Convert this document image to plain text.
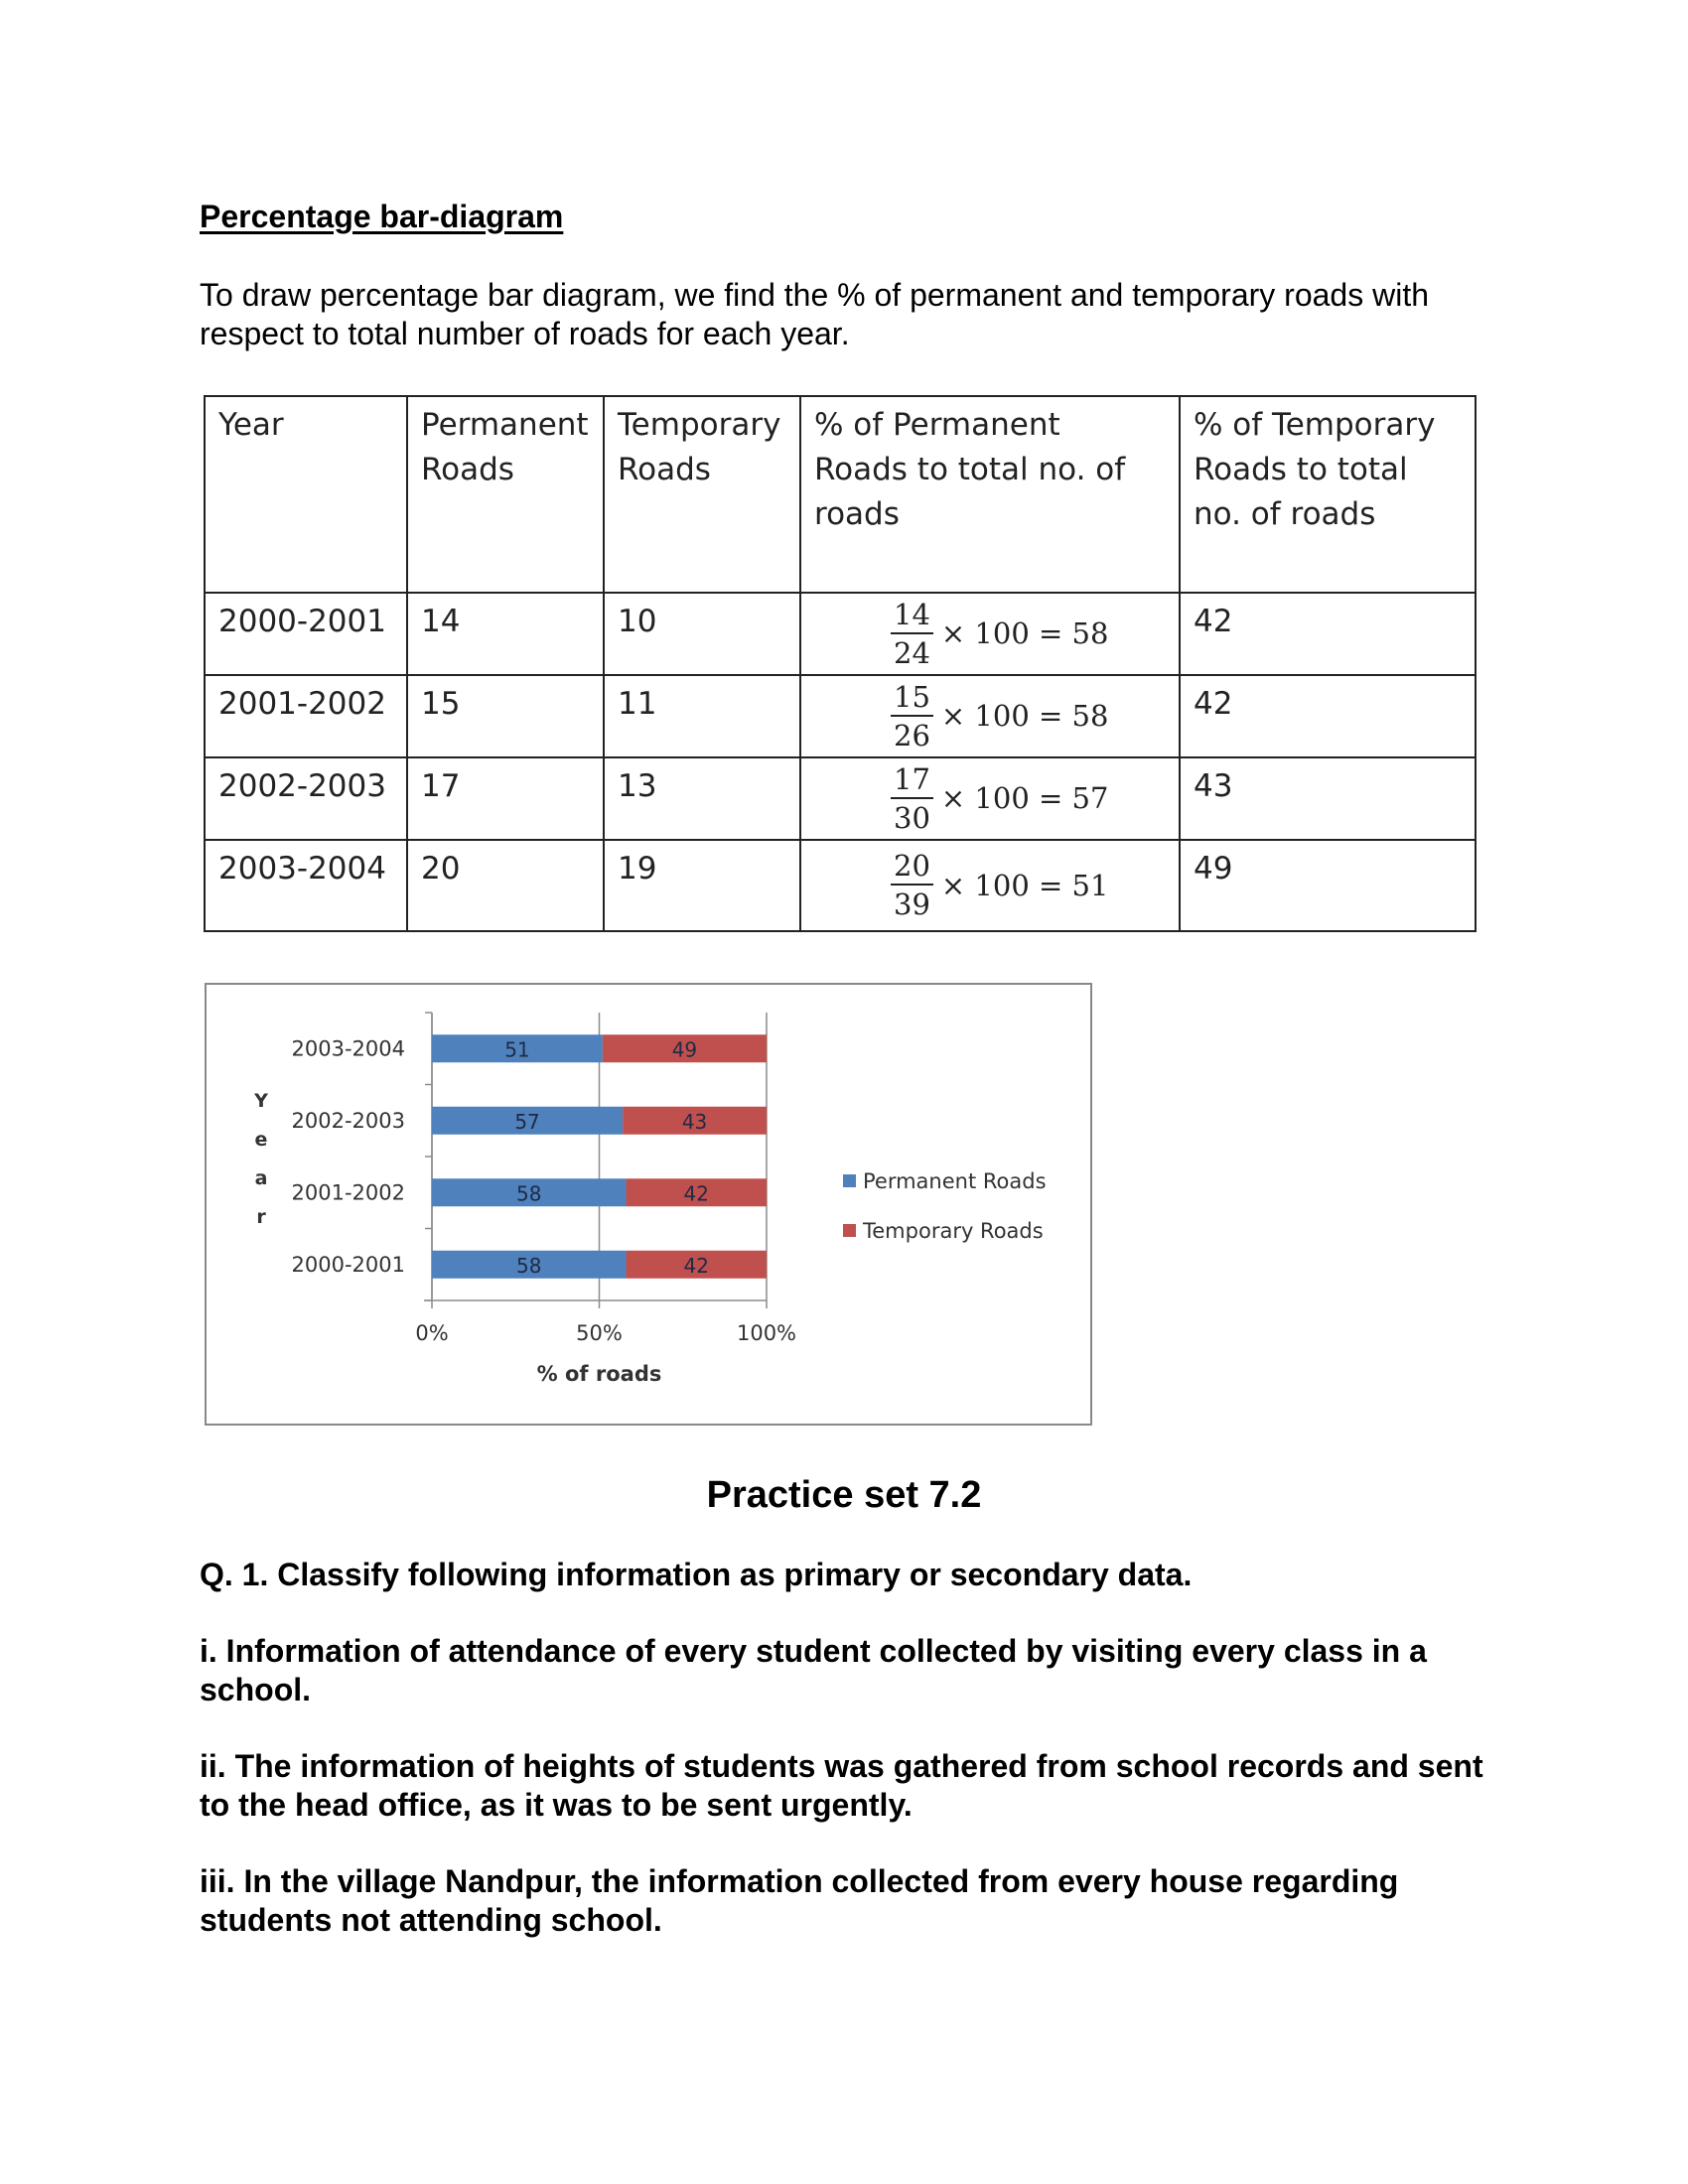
Percentage bar-diagram

To draw percentage bar diagram, we find the % of permanent and temporary roads with respect to total number of roads for each year.

Year	Permanent Roads	Temporary Roads	% of Permanent Roads to total no. of roads	% of Temporary Roads to total no. of roads
2000-2001	14	10	$\frac{14}{24} \times 100 = 58$	42
2001-2002	15	11	$\frac{15}{26} \times 100 = 58$	42
2002-2003	17	13	$\frac{17}{30} \times 100 = 57$	43
2003-2004	20	19	$\frac{20}{39} \times 100 = 51$	49
0%	50%	100%
2000-2001	58	42
2001-2002	58	42
2002-2003	57	43
2003-2004	51	49
Y
e
a
r
% of roads
Permanent Roads
Temporary Roads
Practice set 7.2

Q. 1. Classify following information as primary or secondary data.

i. Information of attendance of every student collected by visiting every class in a school.

ii. The information of heights of students was gathered from school records and sent to the head office, as it was to be sent urgently.

iii. In the village Nandpur, the information collected from every house regarding students not attending school.
